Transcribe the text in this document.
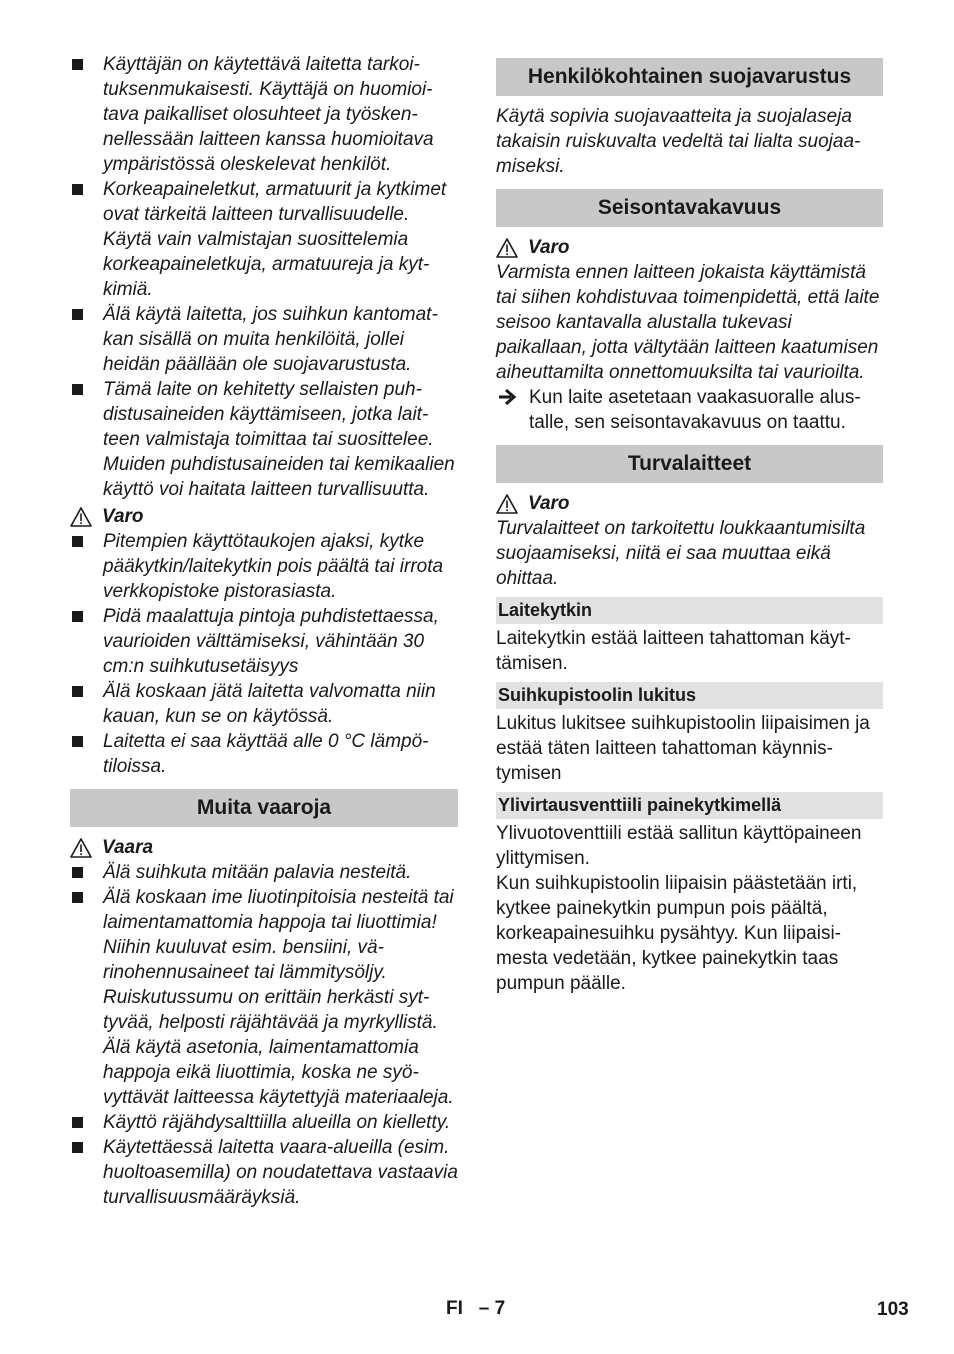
Käyttäjän on käytettävä laitetta tarkoituksenmukaisesti. Käyttäjä on huomioitava paikalliset olosuhteet ja työskennellessään laitteen kanssa huomioitava ympäristössä oleskelevat henkilöt.
Korkeapaineletkut, armatuurit ja kytkimet ovat tärkeitä laitteen turvallisuudelle. Käytä vain valmistajan suosittelemia korkeapaineletkuja, armatuureja ja kytkimiä.
Älä käytä laitetta, jos suihkun kantomatkan sisällä on muita henkilöitä, jollei heidän päällään ole suojavarustusta.
Tämä laite on kehitetty sellaisten puhdistusaineiden käyttämiseen, jotka laitteen valmistaja toimittaa tai suosittelee. Muiden puhdistusaineiden tai kemikaalien käyttö voi haitata laitteen turvallisuutta.
Varo
Pitempien käyttötaukojen ajaksi, kytke pääkytkin/laitekytkin pois päältä tai irrota verkkopistoke pistorasiasta.
Pidä maalattuja pintoja puhdistettaessa, vaurioiden välttämiseksi, vähintään 30 cm:n suihkutusetäisyys
Älä koskaan jätä laitetta valvomatta niin kauan, kun se on käytössä.
Laitetta ei saa käyttää alle 0 °C lämpötiloissa.
Muita vaaroja
Vaara
Älä suihkuta mitään palavia nesteitä.
Älä koskaan ime liuotinpitoisia nesteitä tai laimentamattomia happoja tai liuottimia! Niihin kuuluvat esim. bensiini, värinohennusaineet tai lämmitysöljy. Ruiskutussumu on erittäin herkästi syttyvää, helposti räjähtävää ja myrkyllistä. Älä käytä asetonia, laimentamattomia happoja eikä liuottimia, koska ne syövyttävät laitteessa käytettyjä materiaaleja.
Käyttö räjähdysalttiilla alueilla on kielletty.
Käytettäessä laitetta vaara-alueilla (esim. huoltoasemilla) on noudatettava vastaavia turvallisuusmääräyksiä.
Henkilökohtainen suojavarustus

Käytä sopivia suojavaatteita ja suojalaseja takaisin ruiskuvalta vedeltä tai lialta suojaamiseksi.

Seisontavakavuus
Varo

Varmista ennen laitteen jokaista käyttämistä tai siihen kohdistuvaa toimenpidettä, että laite seisoo kantavalla alustalla tukevasi paikallaan, jotta vältytään laitteen kaatumisen aiheuttamilta onnettomuuksilta tai vaurioilta.

Kun laite asetetaan vaakasuoralle alustalle, sen seisontavakavuus on taattu.
Turvalaitteet
Varo

Turvalaitteet on tarkoitettu loukkaantumisilta suojaamiseksi, niitä ei saa muuttaa eikä ohittaa.

Laitekytkin

Laitekytkin estää laitteen tahattoman käyttämisen.

Suihkupistoolin lukitus

Lukitus lukitsee suihkupistoolin liipaisimen ja estää täten laitteen tahattoman käynnistymisen

Ylivirtausventtiili painekytkimellä

Ylivuotoventtiili estää sallitun käyttöpaineen ylittymisen.

Kun suihkupistoolin liipaisin päästetään irti, kytkee painekytkin pumpun pois päältä, korkeapainesuihku pysähtyy. Kun liipaisimesta vedetään, kytkee painekytkin taas pumpun päälle.

FI – 7	103
